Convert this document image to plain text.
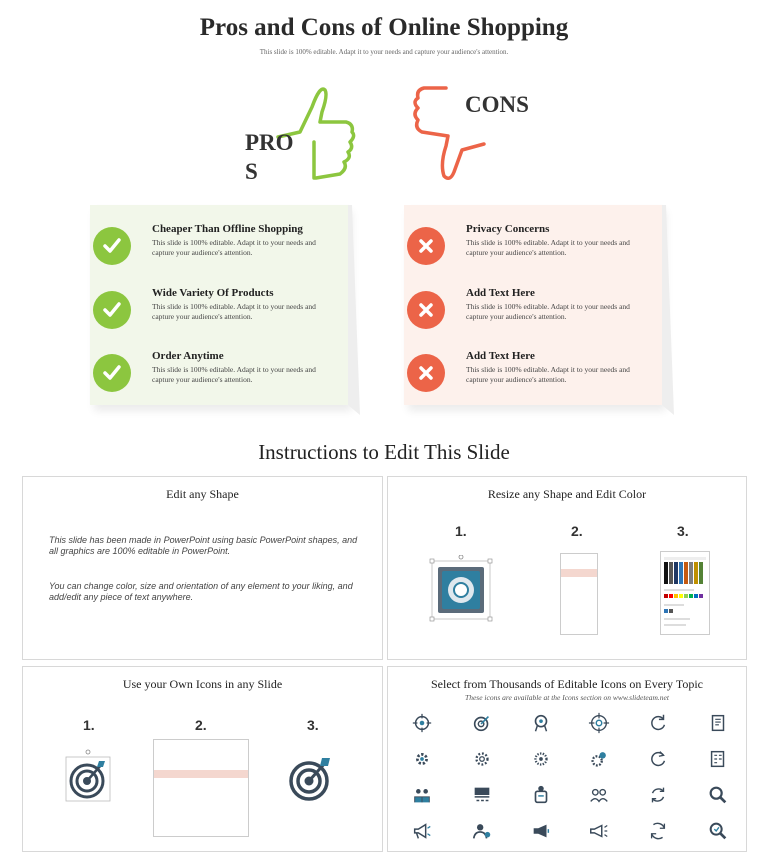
Pros and Cons of Online Shopping
This slide is 100% editable. Adapt it to your needs and capture your audience's attention.
PROS
CONS
Cheaper Than Offline Shopping
This slide is 100% editable. Adapt it to your needs and capture your audience's attention.
Wide Variety Of Products
This slide is 100% editable. Adapt it to your needs and capture your audience's attention.
Order Anytime
This slide is 100% editable. Adapt it to your needs and capture your audience's attention.
Privacy Concerns
This slide is 100% editable. Adapt it to your needs and capture your audience's attention.
Add Text Here
This slide is 100% editable. Adapt it to your needs and capture your audience's attention.
Add Text Here
This slide is 100% editable. Adapt it to your needs and capture your audience's attention.
Instructions to Edit This Slide
Edit any Shape
This slide has been made in PowerPoint using basic PowerPoint shapes, and all graphics are 100% editable in PowerPoint.
You can change color, size and orientation of any element to your liking, and add/edit any piece of text anywhere.
Resize any Shape and Edit Color
1.	2.	3.
Use your Own Icons in any Slide
1.	2.	3.
Select from Thousands of Editable Icons on Every Topic
These icons are available at the Icons section on www.slideteam.net
